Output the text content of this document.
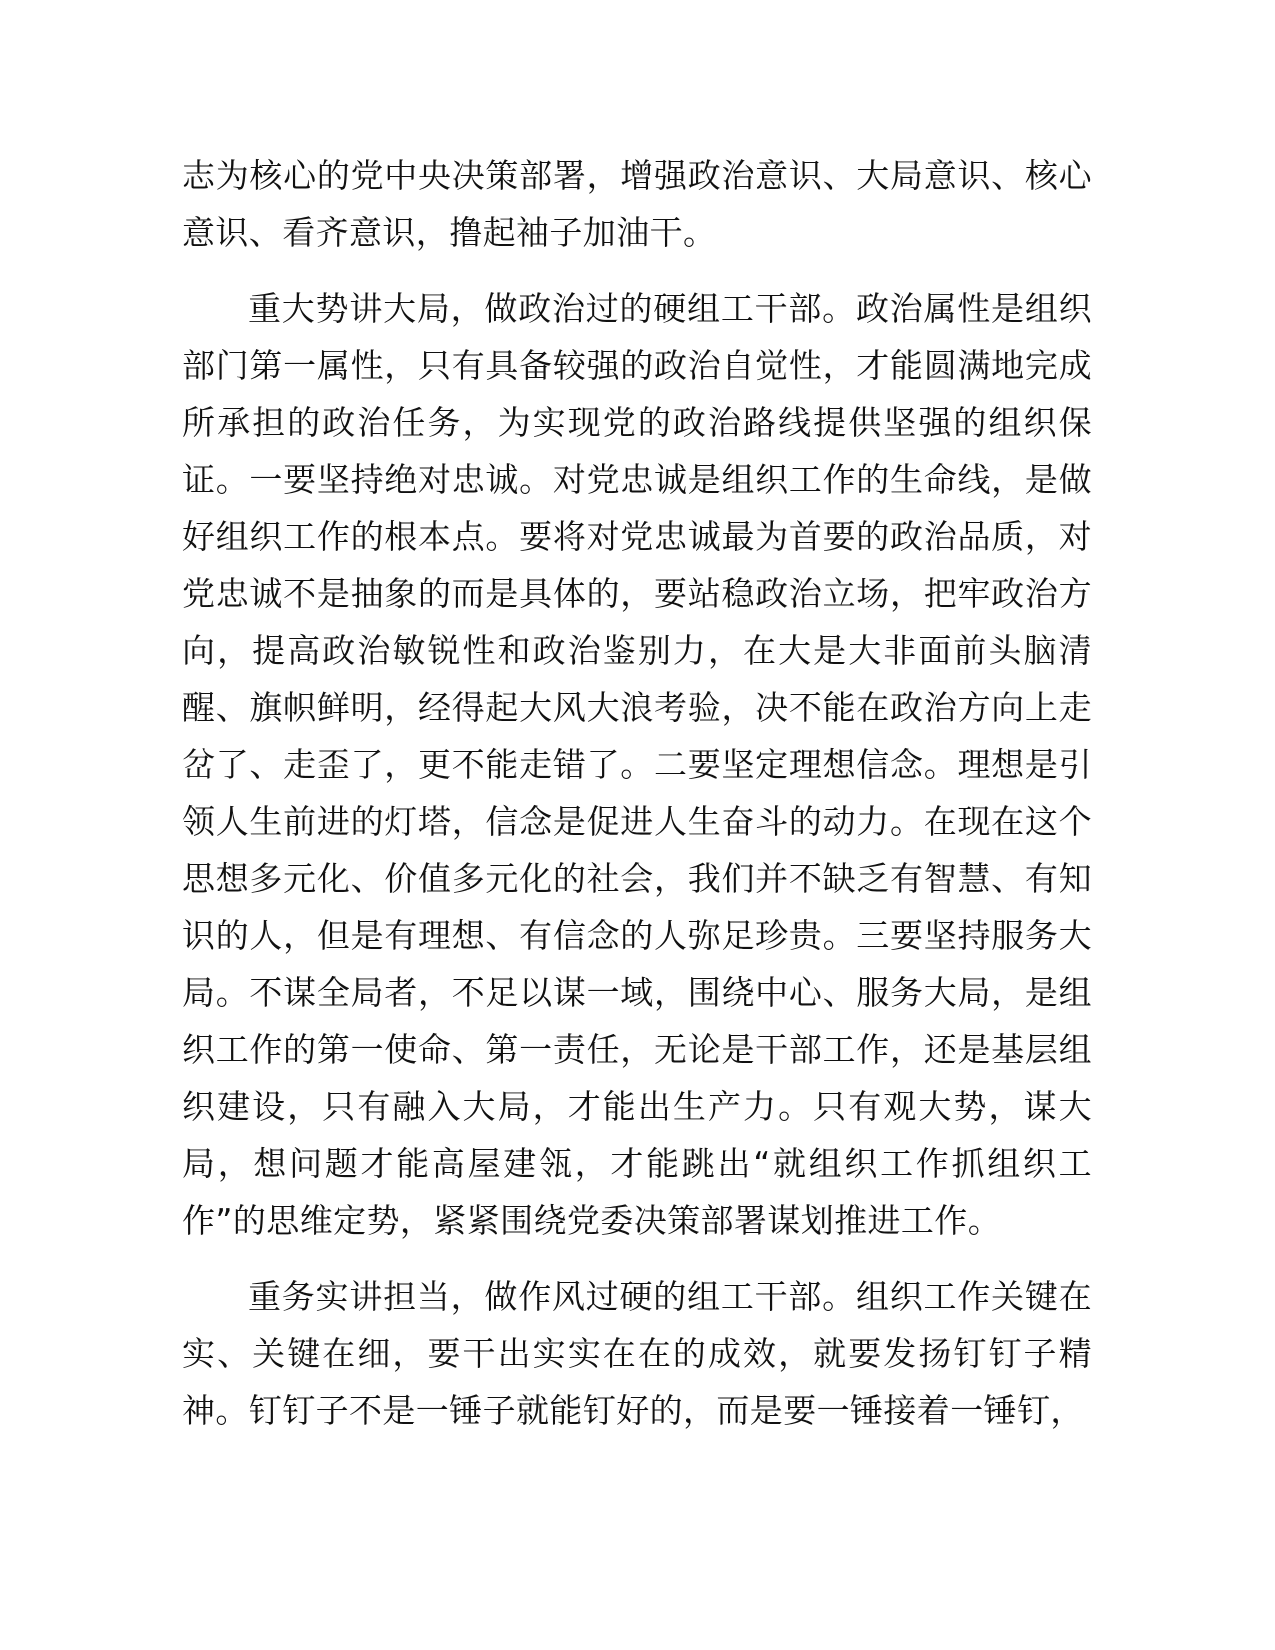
志为核心的党中央决策部署，增强政治意识、大局意识、核心意识、看齐意识，撸起袖子加油干。

重大势讲大局，做政治过的硬组工干部。政治属性是组织部门第一属性，只有具备较强的政治自觉性，才能圆满地完成所承担的政治任务，为实现党的政治路线提供坚强的组织保证。一要坚持绝对忠诚。对党忠诚是组织工作的生命线，是做好组织工作的根本点。要将对党忠诚最为首要的政治品质，对党忠诚不是抽象的而是具体的，要站稳政治立场，把牢政治方向，提高政治敏锐性和政治鉴别力，在大是大非面前头脑清醒、旗帜鲜明，经得起大风大浪考验，决不能在政治方向上走岔了、走歪了，更不能走错了。二要坚定理想信念。理想是引领人生前进的灯塔，信念是促进人生奋斗的动力。在现在这个思想多元化、价值多元化的社会，我们并不缺乏有智慧、有知识的人，但是有理想、有信念的人弥足珍贵。三要坚持服务大局。不谋全局者，不足以谋一域，围绕中心、服务大局，是组织工作的第一使命、第一责任，无论是干部工作，还是基层组织建设，只有融入大局，才能出生产力。只有观大势，谋大局，想问题才能高屋建瓴，才能跳出“就组织工作抓组织工作”的思维定势，紧紧围绕党委决策部署谋划推进工作。

重务实讲担当，做作风过硬的组工干部。组织工作关键在实、关键在细，要干出实实在在的成效，就要发扬钉钉子精神。钉钉子不是一锤子就能钉好的，而是要一锤接着一锤钉，
